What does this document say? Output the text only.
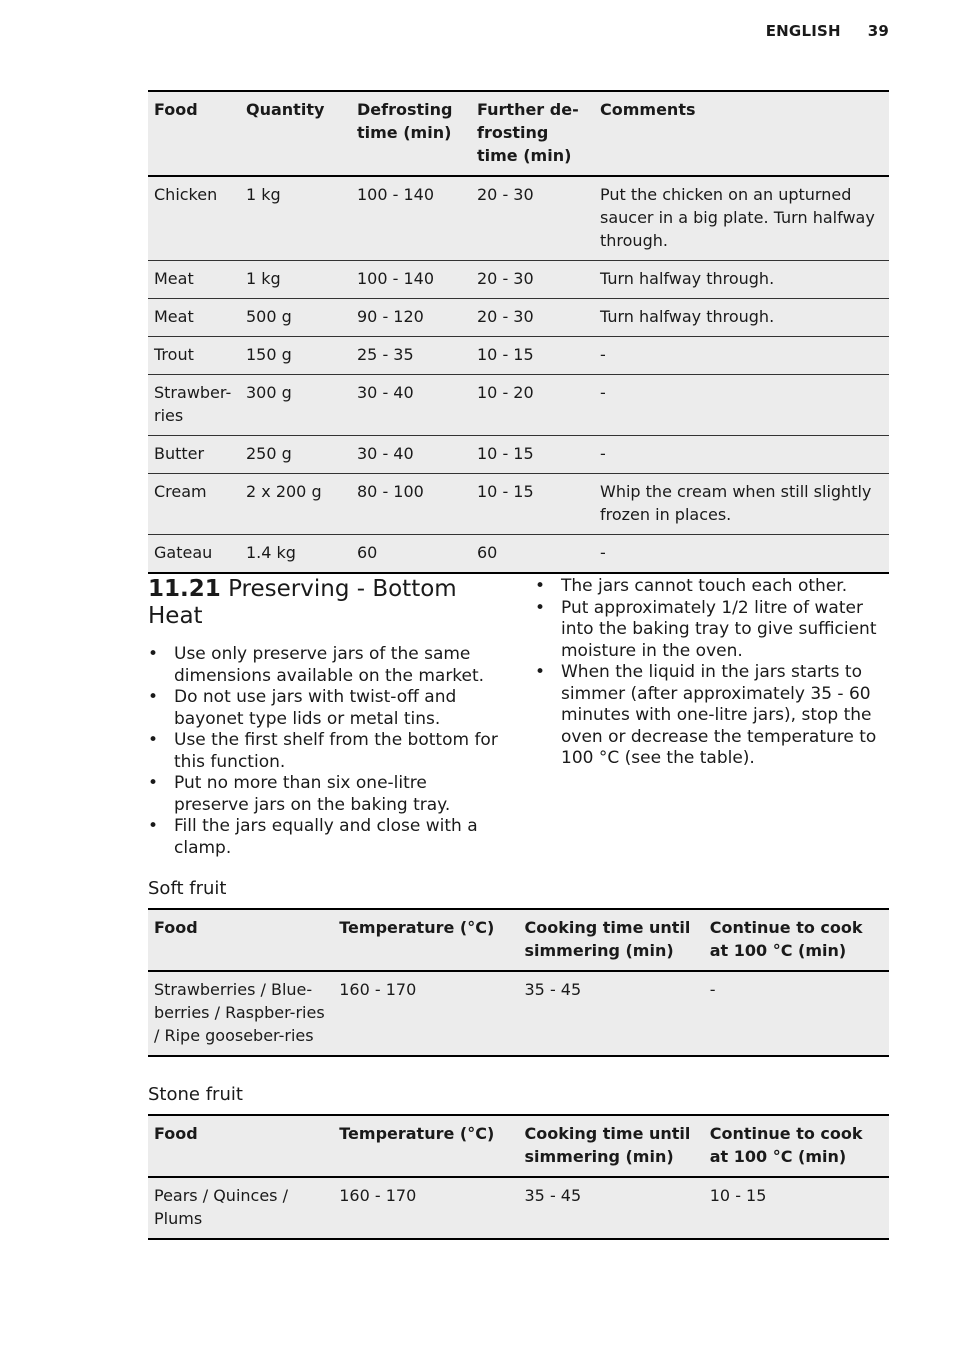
ENGLISH 39
Food	Quantity	Defrosting time (min)	Further de-frosting time (min)	Comments
Chicken	1 kg	100 - 140	20 - 30	Put the chicken on an upturned saucer in a big plate. Turn halfway through.
Meat	1 kg	100 - 140	20 - 30	Turn halfway through.
Meat	500 g	90 - 120	20 - 30	Turn halfway through.
Trout	150 g	25 - 35	10 - 15	-
Strawber-ries	300 g	30 - 40	10 - 20	-
Butter	250 g	30 - 40	10 - 15	-
Cream	2 x 200 g	80 - 100	10 - 15	Whip the cream when still slightly frozen in places.
Gateau	1.4 kg	60	60	-
11.21 Preserving - Bottom Heat
• Use only preserve jars of the same dimensions available on the market.
• Do not use jars with twist-off and bayonet type lids or metal tins.
• Use the first shelf from the bottom for this function.
• Put no more than six one-litre preserve jars on the baking tray.
• Fill the jars equally and close with a clamp.
• The jars cannot touch each other.
• Put approximately 1/2 litre of water into the baking tray to give sufficient moisture in the oven.
• When the liquid in the jars starts to simmer (after approximately 35 - 60 minutes with one-litre jars), stop the oven or decrease the temperature to 100 °C (see the table).
Soft fruit
Food	Temperature (°C)	Cooking time until simmering (min)	Continue to cook at 100 °C (min)
Strawberries / Blue-berries / Raspber-ries / Ripe gooseber-ries	160 - 170	35 - 45	-
Stone fruit
Food	Temperature (°C)	Cooking time until simmering (min)	Continue to cook at 100 °C (min)
Pears / Quinces / Plums	160 - 170	35 - 45	10 - 15
